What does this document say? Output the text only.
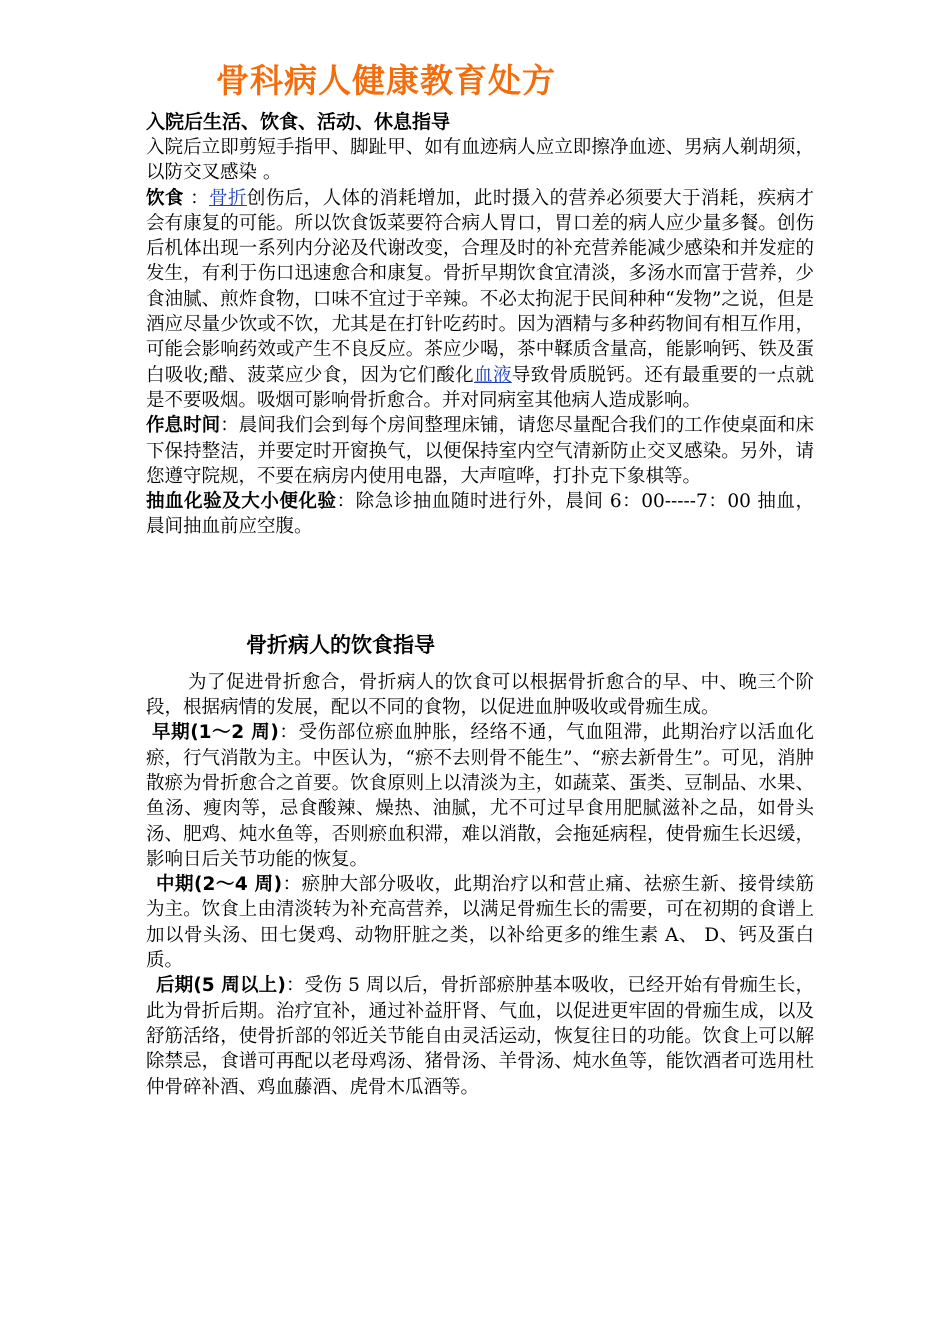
骨科病人健康教育处方
入院后生活、饮食、活动、休息指导

入院后立即剪短手指甲、脚趾甲、如有血迹病人应立即擦净血迹、男病人剃胡须，以防交叉感染 。

饮食 ：骨折创伤后，人体的消耗增加，此时摄入的营养必须要大于消耗，疾病才会有康复的可能。所以饮食饭菜要符合病人胃口，胃口差的病人应少量多餐。创伤后机体出现一系列内分泌及代谢改变，合理及时的补充营养能减少感染和并发症的发生，有利于伤口迅速愈合和康复。骨折早期饮食宜清淡，多汤水而富于营养，少食油腻、煎炸食物，口味不宜过于辛辣。不必太拘泥于民间种种“发物”之说，但是酒应尽量少饮或不饮，尤其是在打针吃药时。因为酒精与多种药物间有相互作用，可能会影响药效或产生不良反应。茶应少喝，茶中鞣质含量高，能影响钙、铁及蛋白吸收;醋、菠菜应少食，因为它们酸化血液导致骨质脱钙。还有最重要的一点就是不要吸烟。吸烟可影响骨折愈合。并对同病室其他病人造成影响。

作息时间：晨间我们会到每个房间整理床铺，请您尽量配合我们的工作使桌面和床下保持整洁，并要定时开窗换气，以便保持室内空气清新防止交叉感染。另外，请您遵守院规，不要在病房内使用电器，大声喧哗，打扑克下象棋等。

抽血化验及大小便化验：除急诊抽血随时进行外，晨间 6：00-----7：00 抽血，晨间抽血前应空腹。

骨折病人的饮食指导

为了促进骨折愈合，骨折病人的饮食可以根据骨折愈合的早、中、晚三个阶段，根据病情的发展，配以不同的食物，以促进血肿吸收或骨痂生成。

早期(1～2 周)：受伤部位瘀血肿胀，经络不通，气血阻滞，此期治疗以活血化瘀，行气消散为主。中医认为，“瘀不去则骨不能生”、“瘀去新骨生”。可见，消肿散瘀为骨折愈合之首要。饮食原则上以清淡为主，如蔬菜、蛋类、豆制品、水果、鱼汤、瘦肉等，忌食酸辣、燥热、油腻，尤不可过早食用肥腻滋补之品，如骨头汤、肥鸡、炖水鱼等，否则瘀血积滞，难以消散，会拖延病程，使骨痂生长迟缓，影响日后关节功能的恢复。

中期(2～4 周)：瘀肿大部分吸收，此期治疗以和营止痛、祛瘀生新、接骨续筋为主。饮食上由清淡转为补充高营养，以满足骨痂生长的需要，可在初期的食谱上加以骨头汤、田七煲鸡、动物肝脏之类，以补给更多的维生素 A、 D、钙及蛋白质。

后期(5 周以上)：受伤 5 周以后，骨折部瘀肿基本吸收，已经开始有骨痂生长，此为骨折后期。治疗宜补，通过补益肝肾、气血，以促进更牢固的骨痂生成，以及舒筋活络，使骨折部的邻近关节能自由灵活运动，恢复往日的功能。饮食上可以解除禁忌，食谱可再配以老母鸡汤、猪骨汤、羊骨汤、炖水鱼等，能饮酒者可选用杜仲骨碎补酒、鸡血藤酒、虎骨木瓜酒等。
